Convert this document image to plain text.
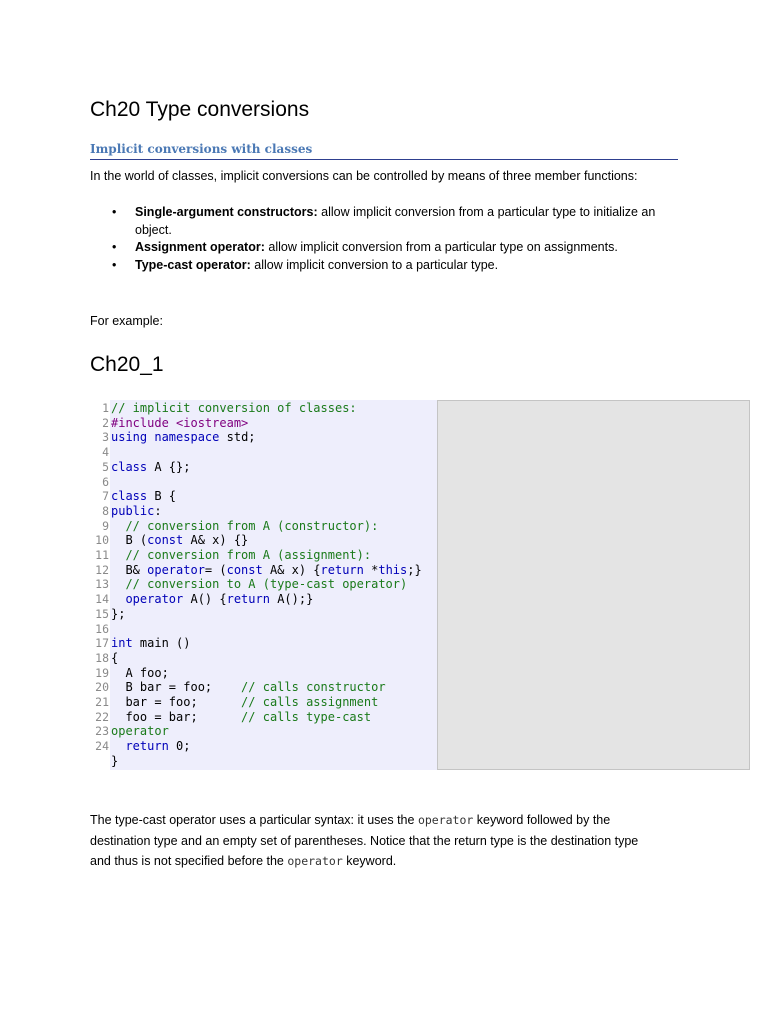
Ch20 Type conversions
Implicit conversions with classes
In the world of classes, implicit conversions can be controlled by means of three member functions:
• Single-argument constructors: allow implicit conversion from a particular type to initialize an
object.
• Assignment operator: allow implicit conversion from a particular type on assignments.
• Type-cast operator: allow implicit conversion to a particular type.
For example:
Ch20_1
1
2
3
4
5
6
7
8
9
10
11
12
13
14
15
16
17
18
19
20
21
22
23
24
// implicit conversion of classes:
#include <iostream>
using namespace std;

class A {};

class B {
public:
// conversion from A (constructor):
B (const A& x) {}
// conversion from A (assignment):
B& operator= (const A& x) {return *this;}
// conversion to A (type-cast operator)
operator A() {return A();}
};

int main ()
{
A foo;
B bar = foo;    // calls constructor
bar = foo;      // calls assignment
foo = bar;      // calls type-cast
operator
return 0;
}
The type-cast operator uses a particular syntax: it uses the operator keyword followed by the
destination type and an empty set of parentheses. Notice that the return type is the destination type
and thus is not specified before the operator keyword.
